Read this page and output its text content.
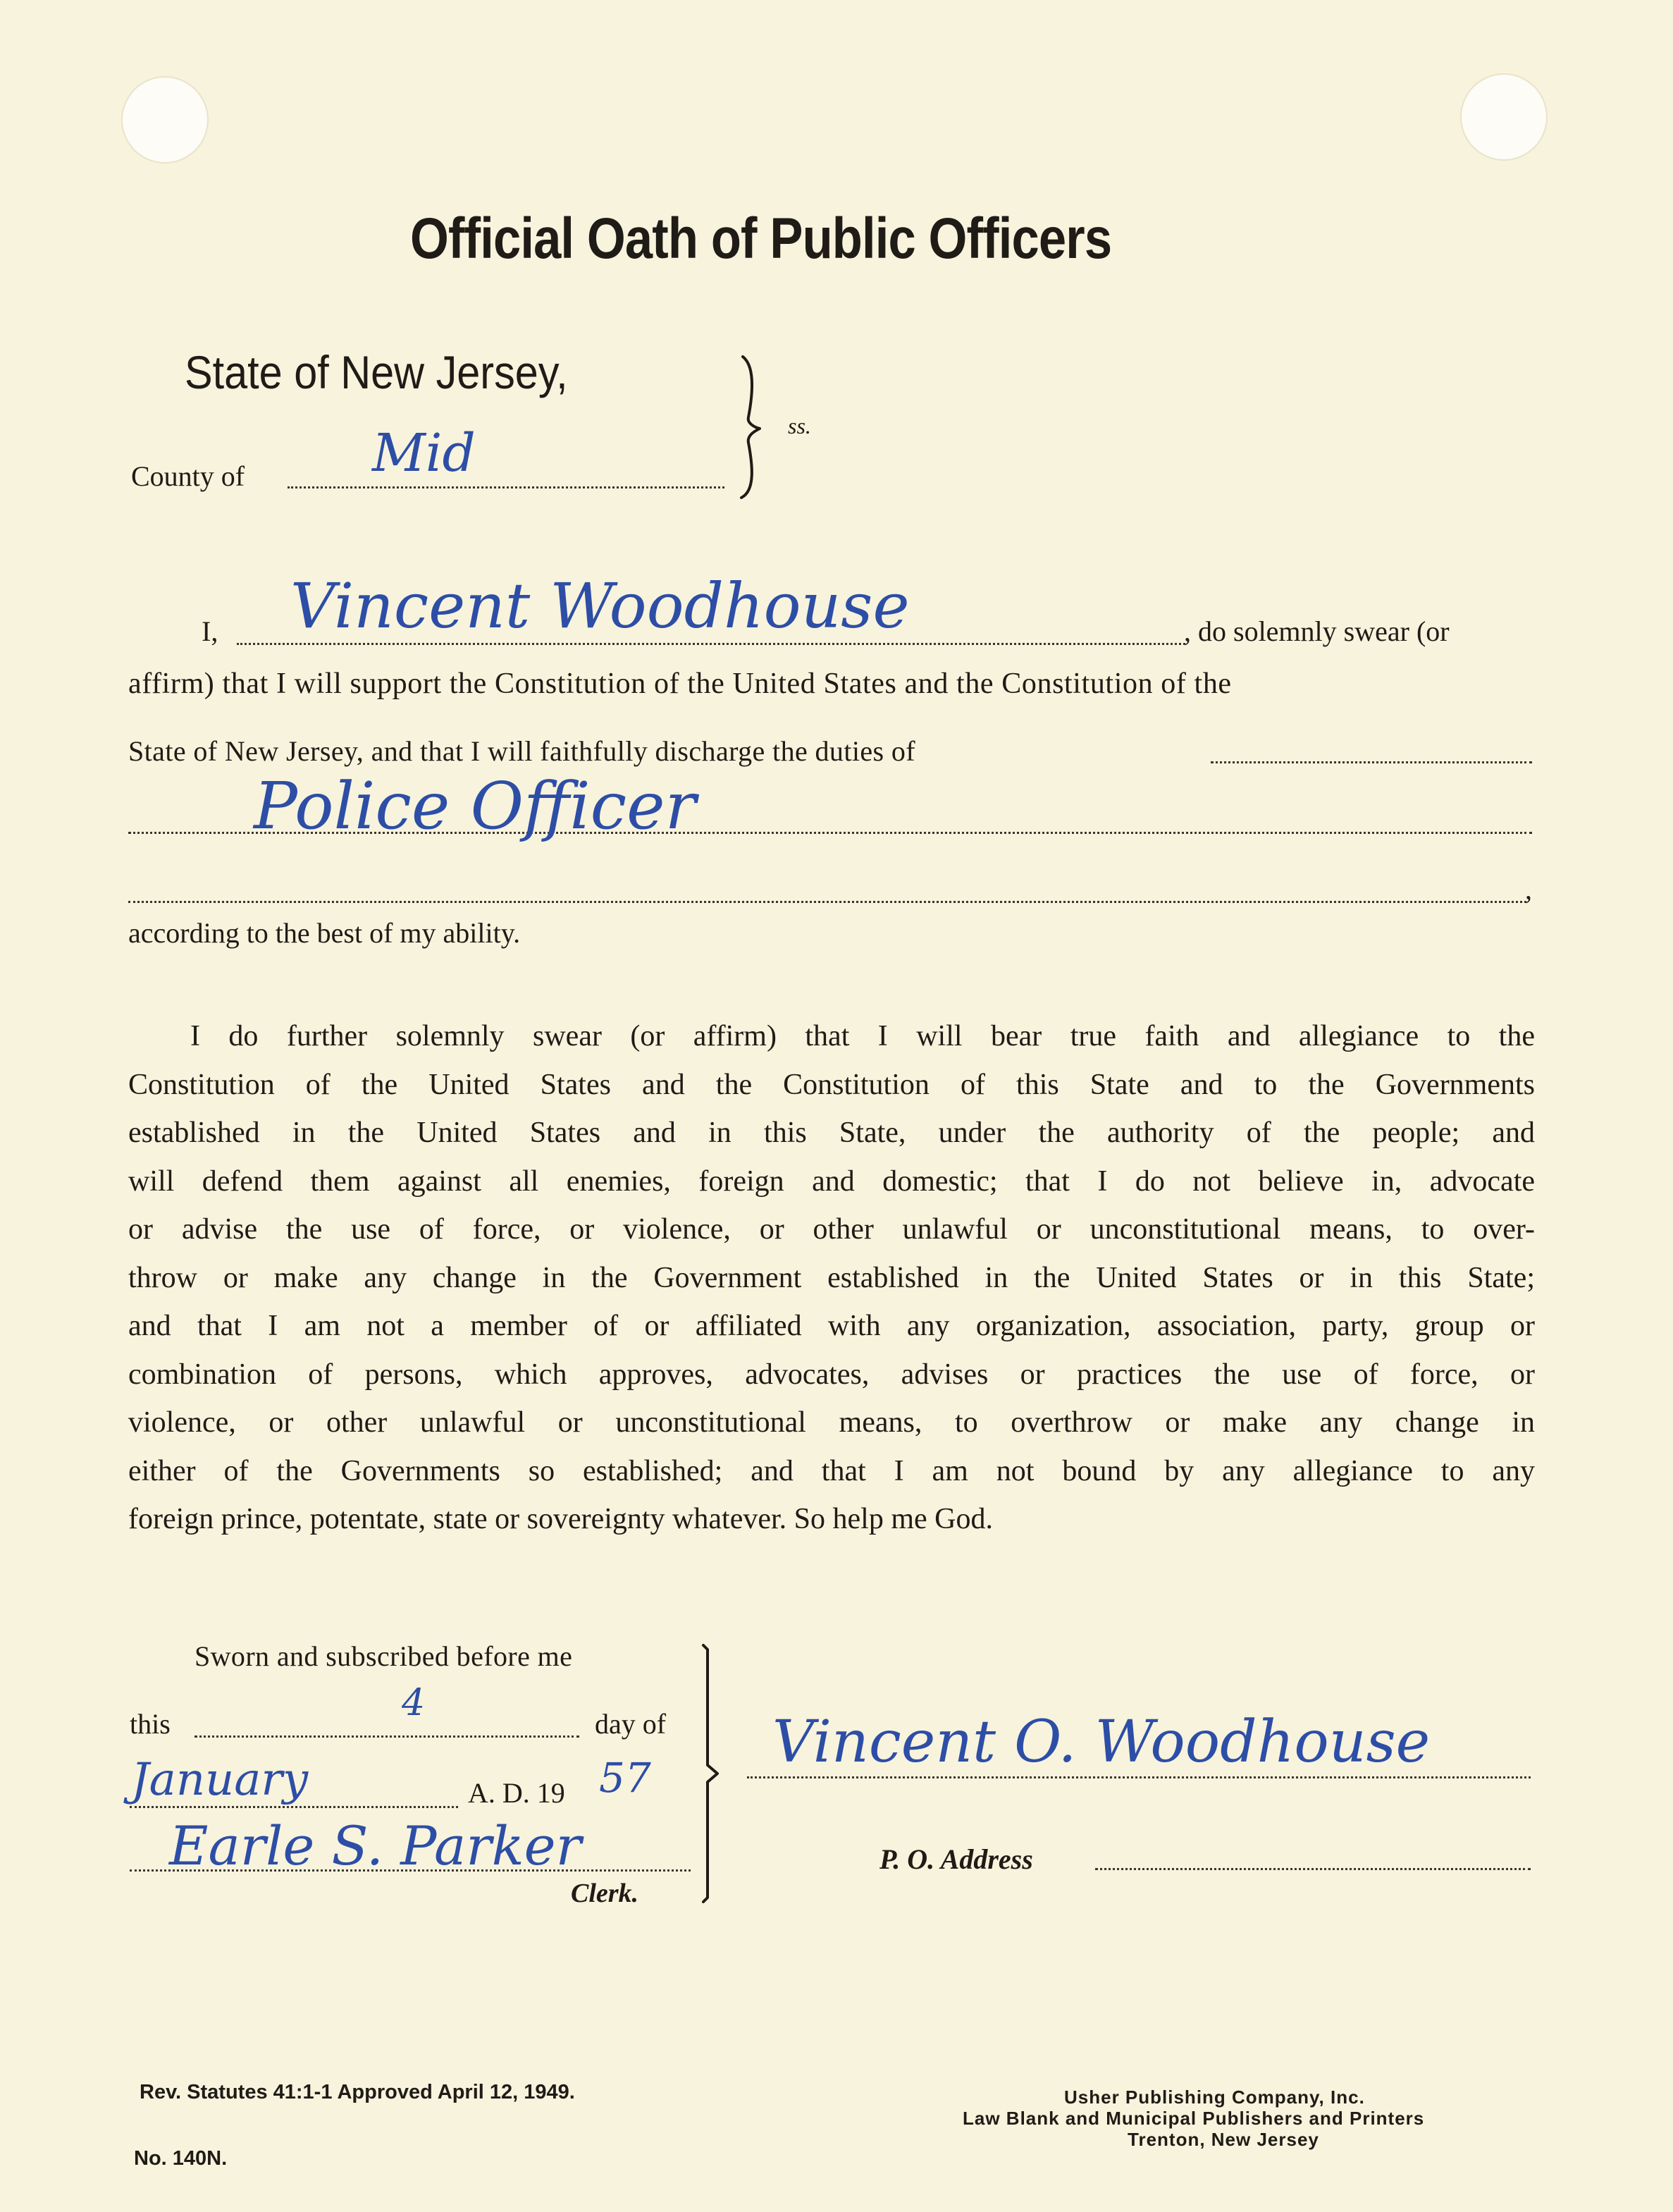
Official Oath of Public Officers
State of New Jersey,
County of Mid	ss.
I, Vincent Woodhouse	, do solemnly swear (or
affirm) that I will support the Constitution of the United States and the Constitution of the
State of New Jersey, and that I will faithfully discharge the duties of
Police Officer
,
according to the best of my ability.
I do further solemnly swear (or affirm) that I will bear true faith and allegiance to the
Constitution of the United States and the Constitution of this State and to the Governments
established in the United States and in this State, under the authority of the people; and
will defend them against all enemies, foreign and domestic; that I do not believe in, advocate
or advise the use of force, or violence, or other unlawful or unconstitutional means, to over-
throw or make any change in the Government established in the United States or in this State;
and that I am not a member of or affiliated with any organization, association, party, group or
combination of persons, which approves, advocates, advises or practices the use of force, or
violence, or other unlawful or unconstitutional means, to overthrow or make any change in
either of the Governments so established; and that I am not bound by any allegiance to any
foreign prince, potentate, state or sovereignty whatever. So help me God.
Sworn and subscribed before me
this	4	day of
January	A. D. 19 57
Earle S. Parker
Clerk.
Vincent O. Woodhouse
P. O. Address
Rev. Statutes 41:1-1 Approved April 12, 1949.
No. 140N.
Usher Publishing Company, Inc.
Law Blank and Municipal Publishers and Printers
Trenton, New Jersey
